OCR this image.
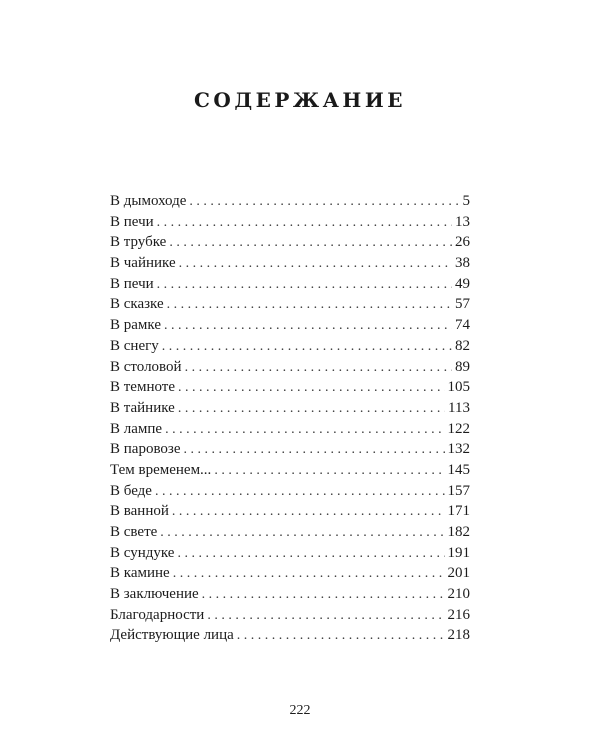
СОДЕРЖАНИЕ
В дымоходе . . .	5
В печи . . .	13
В трубке . . .	26
В чайнике . . .	38
В печи . . .	49
В сказке . . .	57
В рамке . . .	74
В снегу . . .	82
В столовой . . .	89
В темноте . . .	105
В тайнике . . .	113
В лампе . . .	122
В паровозе . . .	132
Тем временем... . . .	145
В беде . . .	157
В ванной . . .	171
В свете . . .	182
В сундуке . . .	191
В камине . . .	201
В заключение . . .	210
Благодарности . . .	216
Действующие лица . . .	218
222
